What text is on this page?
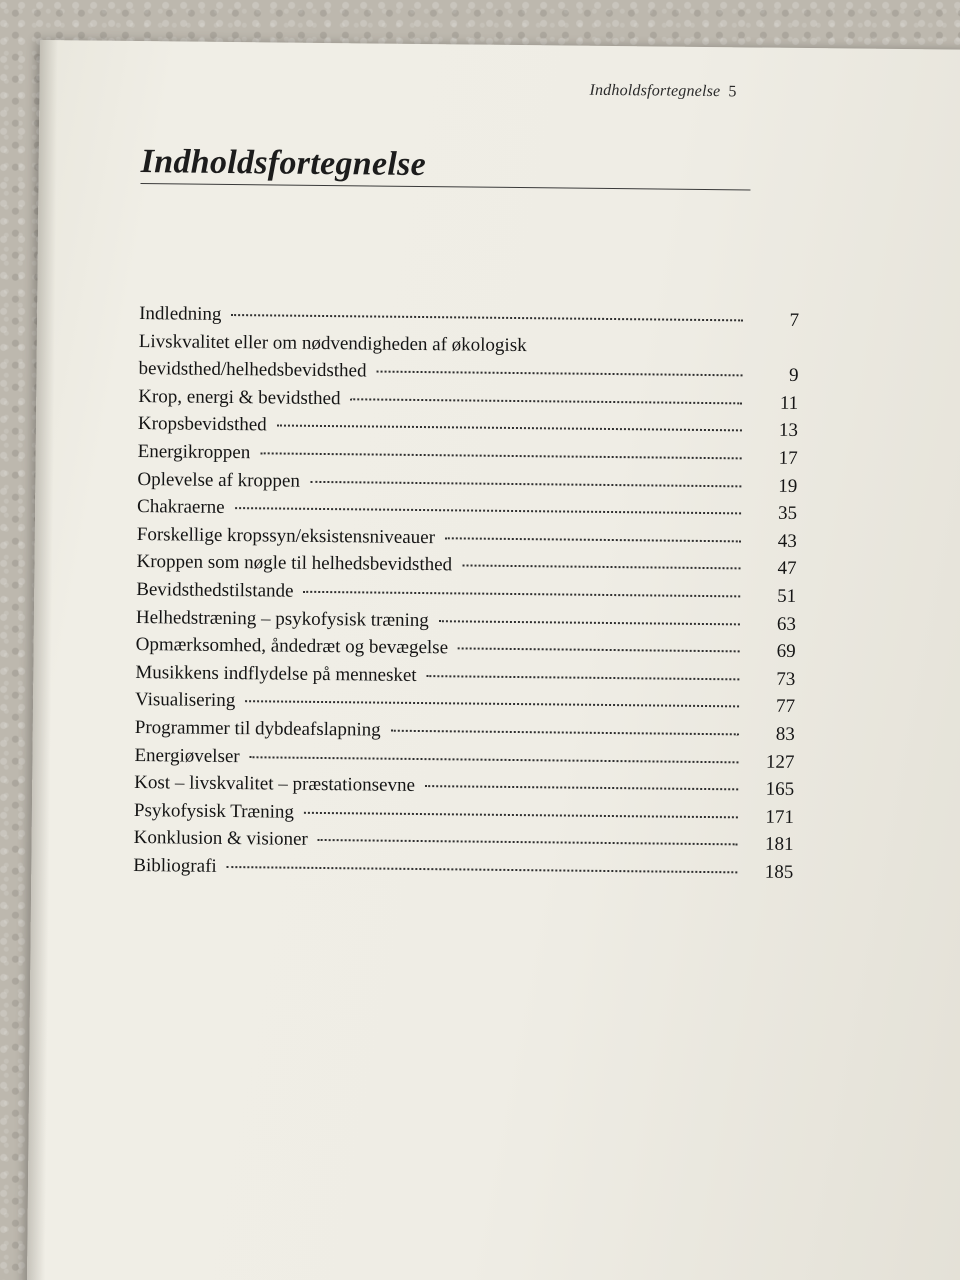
Indholdsfortegnelse 5
Indholdsfortegnelse
Indledning	7
Livskvalitet eller om nødvendigheden af økologisk
bevidsthed/helhedsbevidsthed	9
Krop, energi & bevidsthed	11
Kropsbevidsthed	13
Energikroppen	17
Oplevelse af kroppen	19
Chakraerne	35
Forskellige kropssyn/eksistensniveauer	43
Kroppen som nøgle til helhedsbevidsthed	47
Bevidsthedstilstande	51
Helhedstræning – psykofysisk træning	63
Opmærksomhed, åndedræt og bevægelse	69
Musikkens indflydelse på mennesket	73
Visualisering	77
Programmer til dybdeafslapning	83
Energiøvelser	127
Kost – livskvalitet – præstationsevne	165
Psykofysisk Træning	171
Konklusion & visioner	181
Bibliografi	185
